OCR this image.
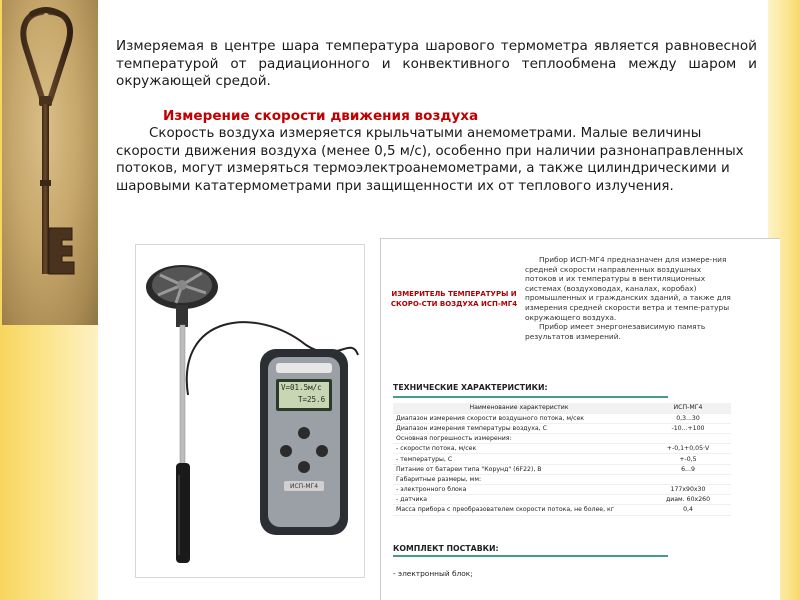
Измеряемая в центре шара температура шарового термометра является равновесной температурой от радиационного и конвективного теплообмена между шаром и окружающей средой.

Измерение скорости движения воздуха

Скорость воздуха измеряется крыльчатыми анемометрами. Малые величины скорости движения воздуха (менее 0,5 м/с), особенно при наличии разнонаправленных потоков, могут измеряться термоэлектроанемометрами, а также цилиндрическими и шаровыми кататермометрами при защищенности их от теплового излучения.

V=01.5м/с
T=25.6
ИСП-МГ4
ИЗМЕРИТЕЛЬ ТЕМПЕРАТУРЫ И СКОРО-СТИ ВОЗДУХА ИСП-МГ4

Прибор ИСП-МГ4 предназначен для измере-ния средней скорости направленных воздушных потоков и их температуры в вентиляционных системах (воздуховодах, каналах, коробах) промышленных и гражданских зданий, а также для измерения средней скорости ветра и темпе-ратуры окружающего воздуха.

Прибор имеет энергонезависимую память результатов измерений.

ТЕХНИЧЕСКИЕ ХАРАКТЕРИСТИКИ:
Наименование характеристик	ИСП-МГ4
Диапазон измерения скорости воздушного потока, м/сек	0,3...30
Диапазон измерения температуры воздуха, С	-10...+100
Основная погрешность измерения:	
- скорости потока, м/сек	+-0,1+0,05·V
- температуры, С	+-0,5
Питание от батареи типа "Корунд" (6F22), В	6...9
Габаритные размеры, мм:	
- электронного блока	177x90x30
- датчика	диам. 60x260
Масса прибора с преобразователем скорости потока, не более, кг	0,4
КОМПЛЕКТ ПОСТАВКИ:
- электронный блок;
